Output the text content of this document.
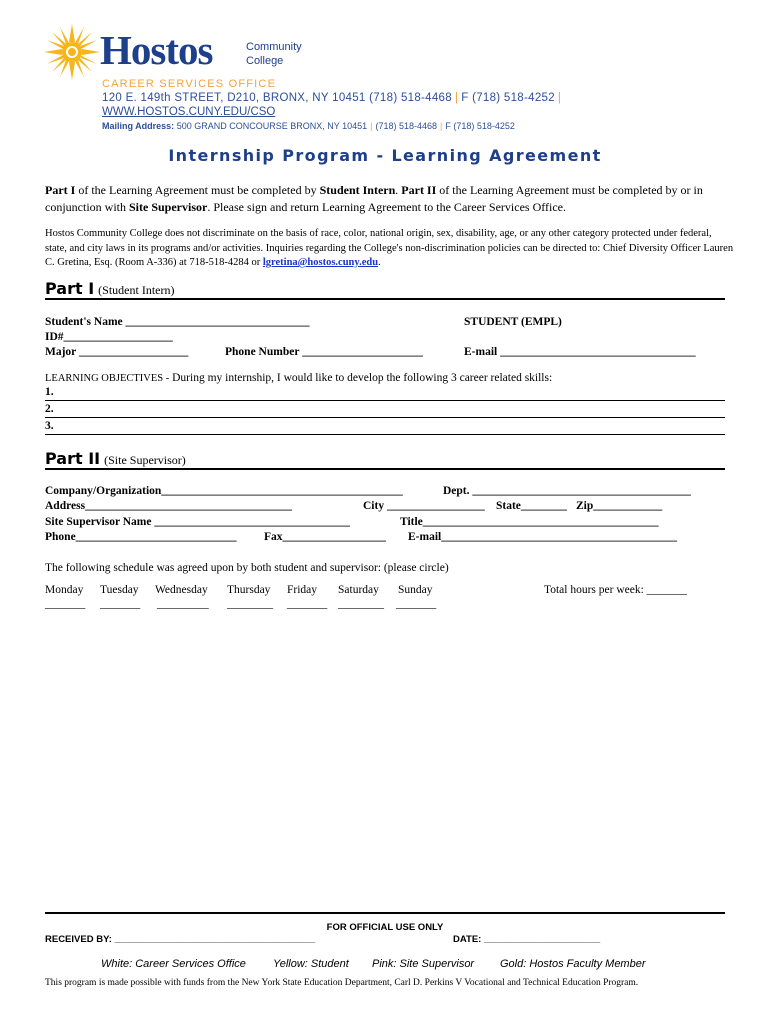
Hostos	Community
College
CAREER SERVICES OFFICE
120 E. 149th STREET, D210, BRONX, NY 10451 (718) 518-4468 | F (718) 518-4252 |
WWW.HOSTOS.CUNY.EDU/CSO
Mailing Address: 500 GRAND CONCOURSE BRONX, NY 10451 | (718) 518-4468 | F (718) 518-4252
Internship Program - Learning Agreement
Part I of the Learning Agreement must be completed by Student Intern. Part II of the Learning Agreement must be completed by or in conjunction with Site Supervisor. Please sign and return Learning Agreement to the Career Services Office.
Hostos Community College does not discriminate on the basis of race, color, national origin, sex, disability, age, or any other category protected under federal, state, and city laws in its programs and/or activities. Inquiries regarding the College's non-discrimination policies can be directed to: Chief Diversity Officer Lauren C. Gretina, Esq. (Room A-336) at 718-518-4284 or lgretina@hostos.cuny.edu.
Part I (Student Intern)
Student's Name ________________________________	STUDENT (EMPL)
ID#___________________
Major ___________________	Phone Number _____________________	E-mail __________________________________
LEARNING OBJECTIVES - During my internship, I would like to develop the following 3 career related skills:
1.
2.
3.
Part II (Site Supervisor)
Company/Organization__________________________________________	Dept. ______________________________________
Address____________________________________	City _________________ State________ Zip____________
Site Supervisor Name __________________________________	Title_________________________________________
Phone____________________________ Fax__________________ E-mail_________________________________________
The following schedule was agreed upon by both student and supervisor: (please circle)
Monday Tuesday Wednesday Thursday Friday Saturday Sunday	Total hours per week: _______
_______ _______ _________ ________ _______ ________ _______
FOR OFFICIAL USE ONLY
RECEIVED BY: ______________________________________	DATE: ______________________
White: Career Services Office Yellow: Student Pink: Site Supervisor Gold: Hostos Faculty Member
This program is made possible with funds from the New York State Education Department, Carl D. Perkins V Vocational and Technical Education Program.
